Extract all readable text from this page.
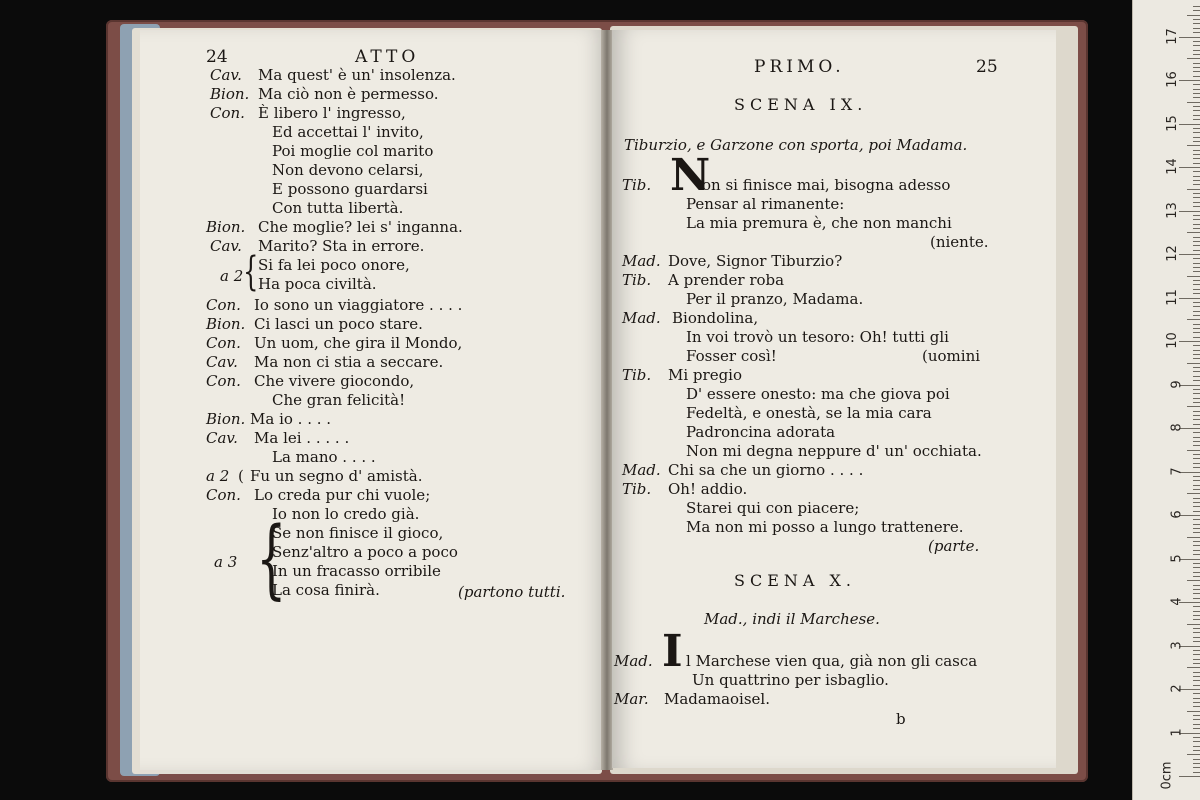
24	ATTO
Cav. Ma quest' è un' insolenza.
Bion. Ma ciò non è permesso.
Con. È libero l' ingresso,
Ed accettai l' invito,
Poi moglie col marito
Non devono celarsi,
E possono guardarsi
Con tutta libertà.
Bion. Che moglie? lei s' inganna.
Cav. Marito? Sta in errore.
a 2 { Si fa lei poco onore,
Ha poca civiltà.
Con. Io sono un viaggiatore . . . .
Bion. Ci lasci un poco stare.
Con. Un uom, che gira il Mondo,
Cav. Ma non ci stia a seccare.
Con. Che vivere giocondo,
Che gran felicità!
Bion. Ma io . . . .
Cav. Ma lei . . . . .
La mano . . . .
a 2 ( Fu un segno d' amistà.
Con. Lo creda pur chi vuole;
Io non lo credo già.
{
Se non finisce il gioco,
a 3
Senz'altro a poco a poco
In un fracasso orribile
La cosa finirà.	(partono tutti.
PRIMO.	25
SCENA IX.
Tiburzio, e Garzone con sporta, poi Madama.
Tib. N
on si finisce mai, bisogna adesso
Pensar al rimanente:
La mia premura è, che non manchi
(niente.
Mad. Dove, Signor Tiburzio?
Tib. A prender roba
Per il pranzo, Madama.
Mad. Biondolina,
In voi trovò un tesoro: Oh! tutti gli
Fosser così!	(uomini
Tib. Mi pregio
D' essere onesto: ma che giova poi
Fedeltà, e onestà, se la mia cara
Padroncina adorata
Non mi degna neppure d' un' occhiata.
Mad. Chi sa che un giorno . . . .
Tib. Oh! addio.
Starei qui con piacere;
Ma non mi posso a lungo trattenere.
(parte.
SCENA X.
Mad., indi il Marchese.
Mad. I l Marchese vien qua, già non gli casca
Un quattrino per isbaglio.
Mar. Madamaoisel.
b
0cm
1
2
3
4
5
6
7
8
9
10
11
12
13
14
15
16
17
